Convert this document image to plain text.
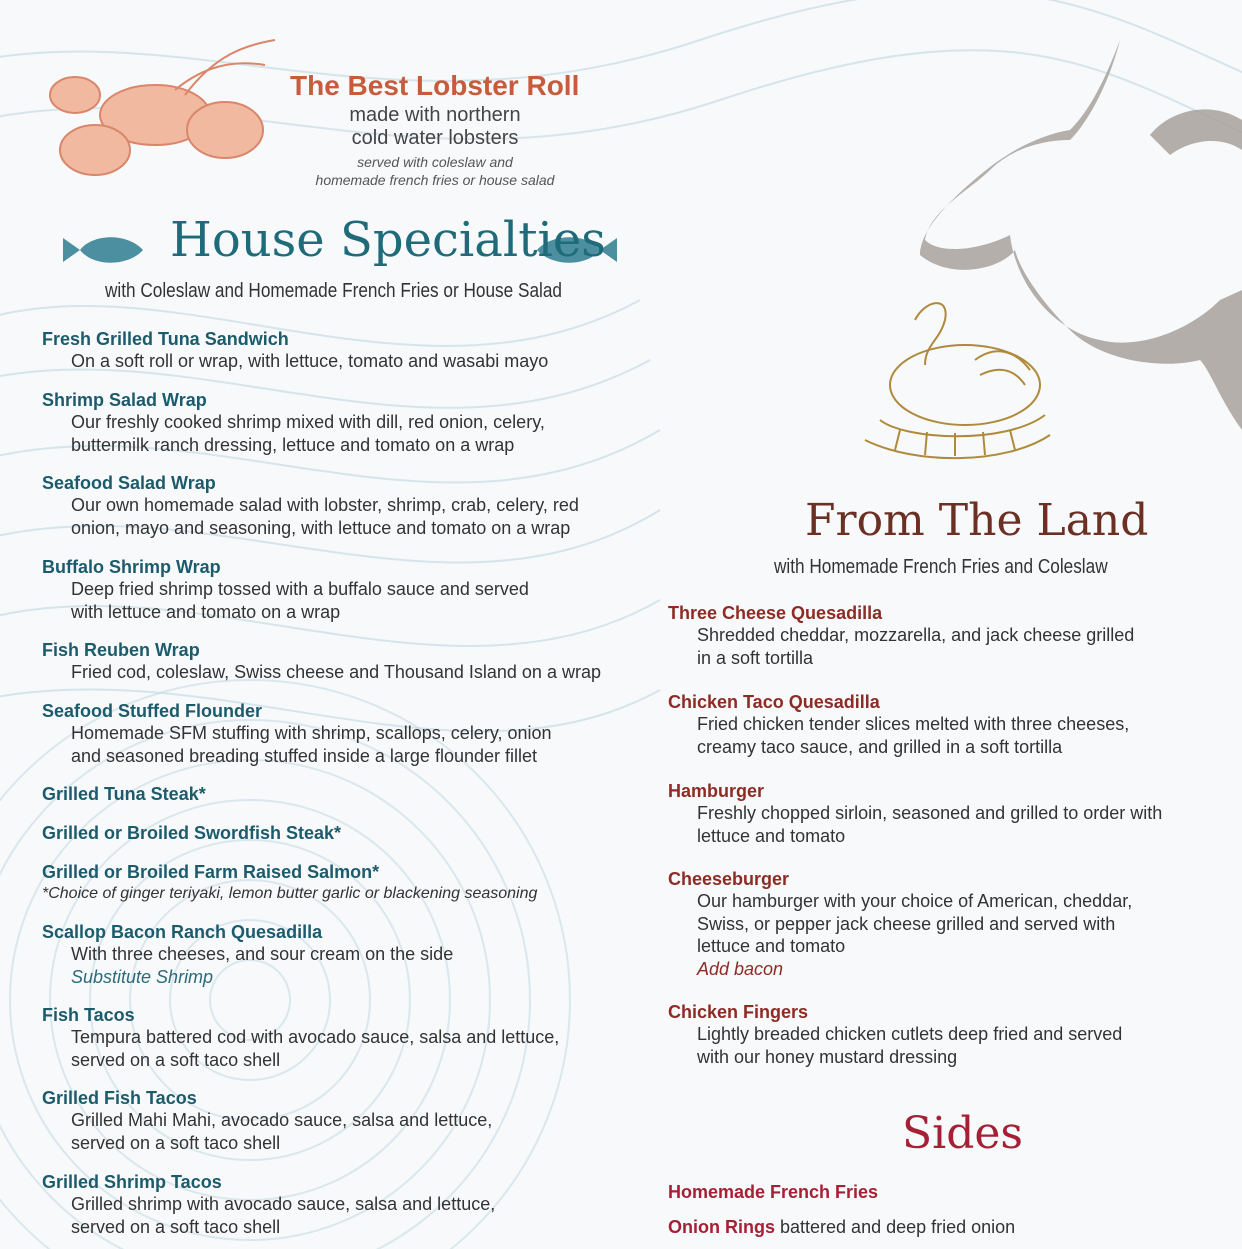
The Best Lobster Roll
made with northern
cold water lobsters
served with coleslaw and
homemade french fries or house salad
House Specialties
with Coleslaw and Homemade French Fries or House Salad
Fresh Grilled Tuna Sandwich
On a soft roll or wrap, with lettuce, tomato and wasabi mayo
Shrimp Salad Wrap
Our freshly cooked shrimp mixed with dill, red onion, celery,
buttermilk ranch dressing, lettuce and tomato on a wrap
Seafood Salad Wrap
Our own homemade salad with lobster, shrimp, crab, celery, red
onion, mayo and seasoning, with lettuce and tomato on a wrap
Buffalo Shrimp Wrap
Deep fried shrimp tossed with a buffalo sauce and served
with lettuce and tomato on a wrap
Fish Reuben Wrap
Fried cod, coleslaw, Swiss cheese and Thousand Island on a wrap
Seafood Stuffed Flounder
Homemade SFM stuffing with shrimp, scallops, celery, onion
and seasoned breading stuffed inside a large flounder fillet
Grilled Tuna Steak*
Grilled or Broiled Swordfish Steak*
Grilled or Broiled Farm Raised Salmon*
*Choice of ginger teriyaki, lemon butter garlic or blackening seasoning
Scallop Bacon Ranch Quesadilla
With three cheeses, and sour cream on the side
Substitute Shrimp
Fish Tacos
Tempura battered cod with avocado sauce, salsa and lettuce,
served on a soft taco shell
Grilled Fish Tacos
Grilled Mahi Mahi, avocado sauce, salsa and lettuce,
served on a soft taco shell
Grilled Shrimp Tacos
Grilled shrimp with avocado sauce, salsa and lettuce,
served on a soft taco shell
From The Land
with Homemade French Fries and Coleslaw
Three Cheese Quesadilla
Shredded cheddar, mozzarella, and jack cheese grilled
in a soft tortilla
Chicken Taco Quesadilla
Fried chicken tender slices melted with three cheeses,
creamy taco sauce, and grilled in a soft tortilla
Hamburger
Freshly chopped sirloin, seasoned and grilled to order with
lettuce and tomato
Cheeseburger
Our hamburger with your choice of American, cheddar,
Swiss, or pepper jack cheese grilled and served with
lettuce and tomato
Add bacon
Chicken Fingers
Lightly breaded chicken cutlets deep fried and served
with our honey mustard dressing
Sides
Homemade French Fries
Onion Rings battered and deep fried onion
